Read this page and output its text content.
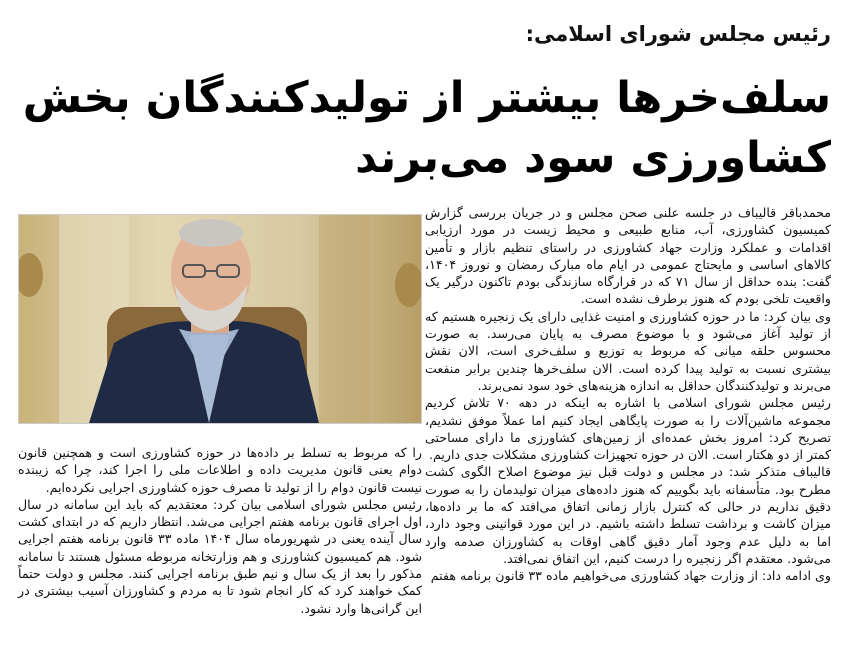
رئیس مجلس شورای اسلامی:
سلف‌خرها بیشتر از تولیدکنندگان بخش
کشاورزی سود می‌برند

محمدباقر قالیباف در جلسه علنی صحن مجلس و در جریان بررسی گزارش کمیسیون کشاورزی، آب، منابع طبیعی و محیط زیست در مورد ارزیابی اقدامات و عملکرد وزارت جهاد کشاورزی در راستای تنظیم بازار و تأمین کالاهای اساسی و مایحتاج عمومی در ایام ماه مبارک رمضان و نوروز ۱۴۰۴، گفت: بنده حداقل از سال ۷۱ که در قرارگاه سازندگی بودم تاکنون درگیر یک واقعیت تلخی بودم که هنوز برطرف نشده است.

وی بیان کرد: ما در حوزه کشاورزی و امنیت غذایی دارای یک زنجیره هستیم که از تولید آغاز می‌شود و با موضوع مصرف به پایان می‌رسد. به صورت محسوس حلقه میانی که مربوط به توزیع و سلف‌خری است، الان نقش بیشتری نسبت به تولید پیدا کرده است. الان سلف‌خرها چندین برابر منفعت می‌برند و تولیدکنندگان حداقل به اندازه هزینه‌های خود سود نمی‌برند.

رئیس مجلس شورای اسلامی با اشاره به اینکه در دهه ۷۰ تلاش کردیم مجموعه ماشین‌آلات را به صورت پایگاهی ایجاد کنیم اما عملاً موفق نشدیم، تصریح کرد: امروز بخش عمده‌ای از زمین‌های کشاورزی ما دارای مساحتی کمتر از دو هکتار است. الان در حوزه تجهیزات کشاورزی مشکلات جدی داریم.

قالیباف متذکر شد: در مجلس و دولت قبل نیز موضوع اصلاح الگوی کشت مطرح بود. متأسفانه باید بگوییم که هنوز داده‌های میزان تولیدمان را به صورت دقیق نداریم در حالی که کنترل بازار زمانی اتفاق می‌افتد که ما بر داده‌ها، میزان کاشت و برداشت تسلط داشته باشیم. در این مورد قوانینی وجود دارد، اما به دلیل عدم وجود آمار دقیق گاهی اوقات به کشاورزان صدمه وارد می‌شود. معتقدم اگر زنجیره را درست کنیم، این اتفاق نمی‌افتد.

وی ادامه داد: از وزارت جهاد کشاورزی می‌خواهیم ماده ۳۳ قانون برنامه هفتم

را که مربوط به تسلط بر داده‌ها در حوزه کشاورزی است و همچنین قانون دوام یعنی قانون مدیریت داده و اطلاعات ملی را اجرا کند، چرا که زیبنده نیست قانون دوام را از تولید تا مصرف حوزه کشاورزی اجرایی نکرده‌ایم.

رئیس مجلس شورای اسلامی بیان کرد: معتقدیم که باید این سامانه در سال اول اجرای قانون برنامه هفتم اجرایی می‌شد. انتظار داریم که در ابتدای کشت سال آینده یعنی در شهریورماه سال ۱۴۰۴ ماده ۳۳ قانون برنامه هفتم اجرایی شود. هم کمیسیون کشاورزی و هم وزارتخانه مربوطه مسئول هستند تا سامانه مذکور را بعد از یک سال و نیم طبق برنامه اجرایی کنند. مجلس و دولت حتماً کمک خواهند کرد که کار انجام شود تا به مردم و کشاورزان آسیب بیشتری در این گرانی‌ها وارد نشود.
